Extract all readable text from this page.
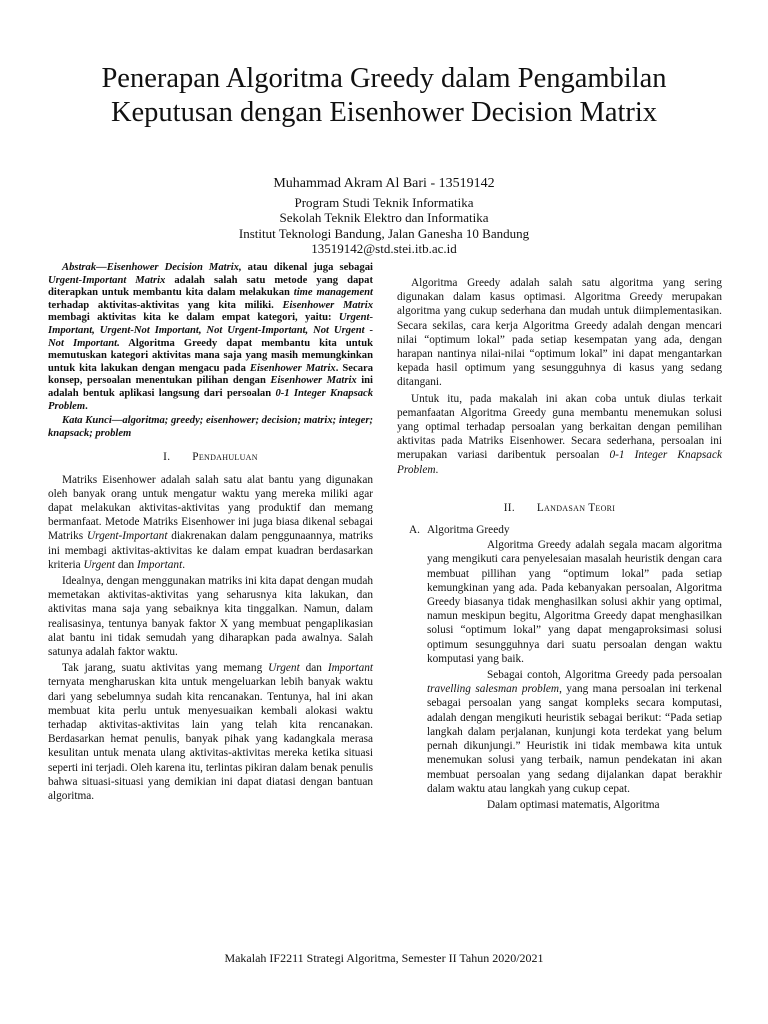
Penerapan Algoritma Greedy dalam Pengambilan Keputusan dengan Eisenhower Decision Matrix
Muhammad Akram Al Bari - 13519142
Program Studi Teknik Informatika
Sekolah Teknik Elektro dan Informatika
Institut Teknologi Bandung, Jalan Ganesha 10 Bandung
13519142@std.stei.itb.ac.id

Abstrak—Eisenhower Decision Matrix, atau dikenal juga sebagai Urgent-Important Matrix adalah salah satu metode yang dapat diterapkan untuk membantu kita dalam melakukan time management terhadap aktivitas-aktivitas yang kita miliki. Eisenhower Matrix membagi aktivitas kita ke dalam empat kategori, yaitu: Urgent-Important, Urgent-Not Important, Not Urgent-Important, Not Urgent - Not Important. Algoritma Greedy dapat membantu kita untuk memutuskan kategori aktivitas mana saja yang masih memungkinkan untuk kita lakukan dengan mengacu pada Eisenhower Matrix. Secara konsep, persoalan menentukan pilihan dengan Eisenhower Matrix ini adalah bentuk aplikasi langsung dari persoalan 0-1 Integer Knapsack Problem.

Kata Kunci—algoritma; greedy; eisenhower; decision; matrix; integer; knapsack; problem

I. Pendahuluan

Matriks Eisenhower adalah salah satu alat bantu yang digunakan oleh banyak orang untuk mengatur waktu yang mereka miliki agar dapat melakukan aktivitas-aktivitas yang produktif dan memang bermanfaat. Metode Matriks Eisenhower ini juga biasa dikenal sebagai Matriks Urgent-Important diakrenakan dalam penggunaannya, matriks ini membagi aktivitas-aktivitas ke dalam empat kuadran berdasarkan kriteria Urgent dan Important.

Idealnya, dengan menggunakan matriks ini kita dapat dengan mudah memetakan aktivitas-aktivitas yang seharusnya kita lakukan, dan aktivitas mana saja yang sebaiknya kita tinggalkan. Namun, dalam realisasinya, tentunya banyak faktor X yang membuat pengaplikasian alat bantu ini tidak semudah yang diharapkan pada awalnya. Salah satunya adalah faktor waktu.

Tak jarang, suatu aktivitas yang memang Urgent dan Important ternyata mengharuskan kita untuk mengeluarkan lebih banyak waktu dari yang sebelumnya sudah kita rencanakan. Tentunya, hal ini akan membuat kita perlu untuk menyesuaikan kembali alokasi waktu terhadap aktivitas-aktivitas lain yang telah kita rencanakan. Berdasarkan hemat penulis, banyak pihak yang kadangkala merasa kesulitan untuk menata ulang aktivitas-aktivitas mereka ketika situasi seperti ini terjadi. Oleh karena itu, terlintas pikiran dalam benak penulis bahwa situasi-situasi yang demikian ini dapat diatasi dengan bantuan algoritma.

Algoritma Greedy adalah salah satu algoritma yang sering digunakan dalam kasus optimasi. Algoritma Greedy merupakan algoritma yang cukup sederhana dan mudah untuk diimplementasikan. Secara sekilas, cara kerja Algoritma Greedy adalah dengan mencari nilai “optimum lokal” pada setiap kesempatan yang ada, dengan harapan nantinya nilai-nilai “optimum lokal” ini dapat mengantarkan kepada hasil optimum yang sesungguhnya di kasus yang sedang ditangani.

Untuk itu, pada makalah ini akan coba untuk diulas terkait pemanfaatan Algoritma Greedy guna membantu menemukan solusi yang optimal terhadap persoalan yang berkaitan dengan pemilihan aktivitas pada Matriks Eisenhower. Secara sederhana, persoalan ini merupakan variasi daribentuk persoalan 0-1 Integer Knapsack Problem.

II. Landasan Teori
A. Algoritma Greedy

Algoritma Greedy adalah segala macam algoritma yang mengikuti cara penyelesaian masalah heuristik dengan cara membuat pillihan yang “optimum lokal” pada setiap kemungkinan yang ada. Pada kebanyakan persoalan, Algoritma Greedy biasanya tidak menghasilkan solusi akhir yang optimal, namun meskipun begitu, Algoritma Greedy dapat menghasilkan solusi “optimum lokal” yang dapat mengaproksimasi solusi optimum sesungguhnya dari suatu persoalan dengan waktu komputasi yang baik.

Sebagai contoh, Algoritma Greedy pada persoalan travelling salesman problem, yang mana persoalan ini terkenal sebagai persoalan yang sangat kompleks secara komputasi, adalah dengan mengikuti heuristik sebagai berikut: “Pada setiap langkah dalam perjalanan, kunjungi kota terdekat yang belum pernah dikunjungi.” Heuristik ini tidak membawa kita untuk menemukan solusi yang terbaik, namun pendekatan ini akan membuat persoalan yang sedang dijalankan dapat berakhir dalam waktu atau langkah yang cukup cepat.

Dalam optimasi matematis, Algoritma

Makalah IF2211 Strategi Algoritma, Semester II Tahun 2020/2021
